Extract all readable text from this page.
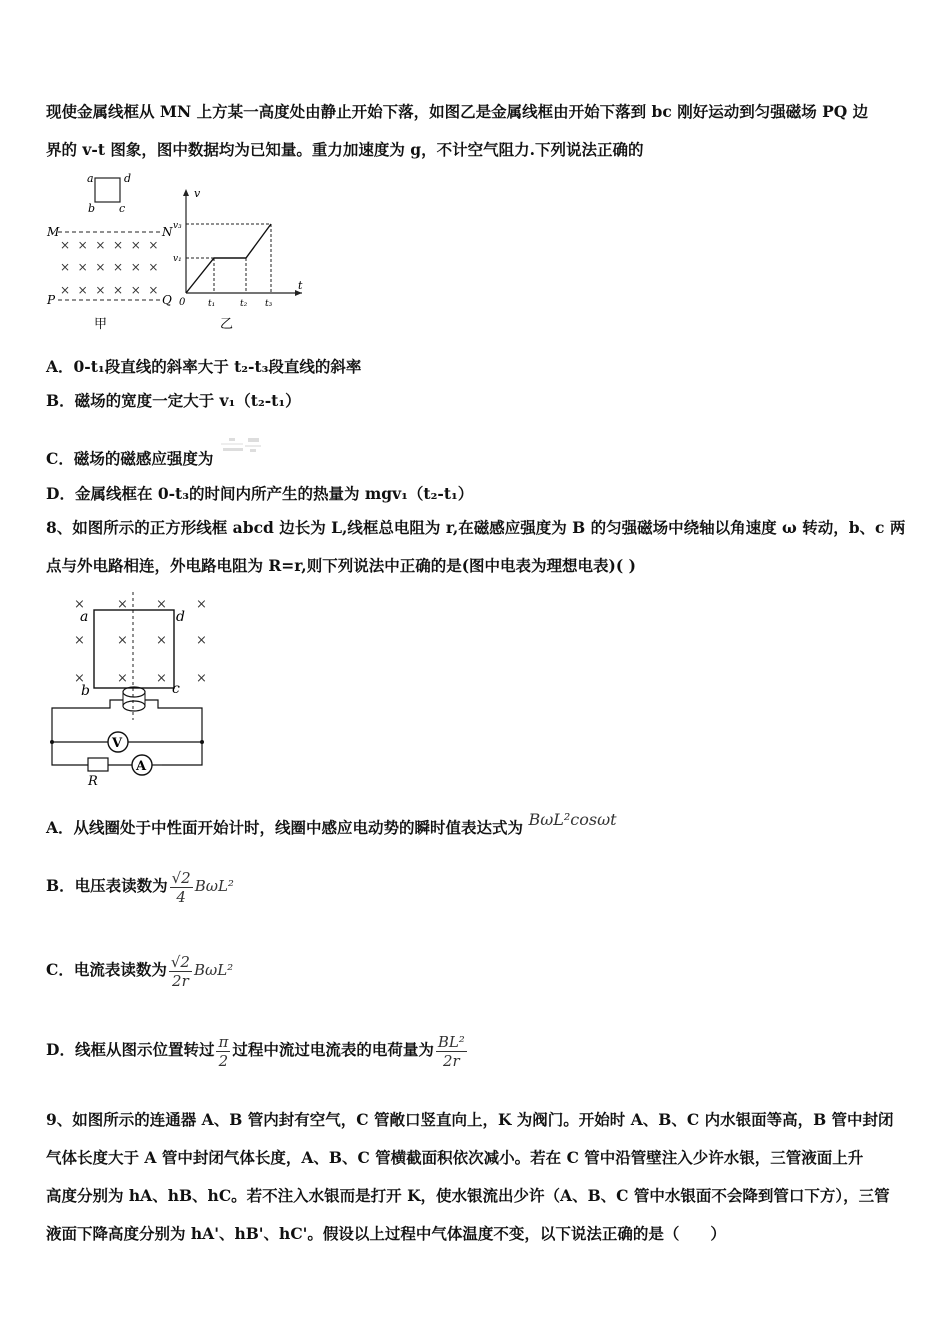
现使金属线框从 MN 上方某一高度处由静止开始下落，如图乙是金属线框由开始下落到 bc 刚好运动到匀强磁场 PQ 边
界的 v-t 图象，图中数据均为已知量。重力加速度为 g，不计空气阻力.下列说法正确的
a	d
b c
M	N
P	Q
×  ×  ×  ×  ×  ×
×  ×  ×  ×  ×  ×
×  ×  ×  ×  ×  ×
甲
v
t
0
v₃
v₁
t₁	t₂ t₃
乙
A．0-t₁段直线的斜率大于 t₂-t₃段直线的斜率
B．磁场的宽度一定大于 v₁（t₂-t₁）
C．磁场的磁感应强度为
D．金属线框在 0-t₃的时间内所产生的热量为 mgv₁（t₂-t₁）
8、如图所示的正方形线框 abcd 边长为 L,线框总电阻为 r,在磁感应强度为 B 的匀强磁场中绕轴以角速度 ω 转动，b、c 两
点与外电路相连，外电路电阻为 R=r,则下列说法中正确的是(图中电表为理想电表)( )
× × × ×
× × × ×
× × × ×
a	d
b	c
V
R
A
A．从线圈处于中性面开始计时，线圈中感应电动势的瞬时值表达式为 BωL²cosωt
B．电压表读数为 $\frac{√2}{4} B\omega L^2$
C．电流表读数为 $\frac{√2}{2r} B\omega L^2$
D．线框从图示位置转过 $\frac{\pi}{2}$ 过程中流过电流表的电荷量为 $\frac{\text{BL²}}{2r}$
9、如图所示的连通器 A、B 管内封有空气，C 管敞口竖直向上，K 为阀门。开始时 A、B、C 内水银面等高，B 管中封闭
气体长度大于 A 管中封闭气体长度，A、B、C 管横截面积依次减小。若在 C 管中沿管壁注入少许水银，三管液面上升
高度分别为 hA、hB、hC。若不注入水银而是打开 K，使水银流出少许（A、B、C 管中水银面不会降到管口下方），三管
液面下降高度分别为 hA'、hB'、hC'。假设以上过程中气体温度不变，以下说法正确的是（　　）
